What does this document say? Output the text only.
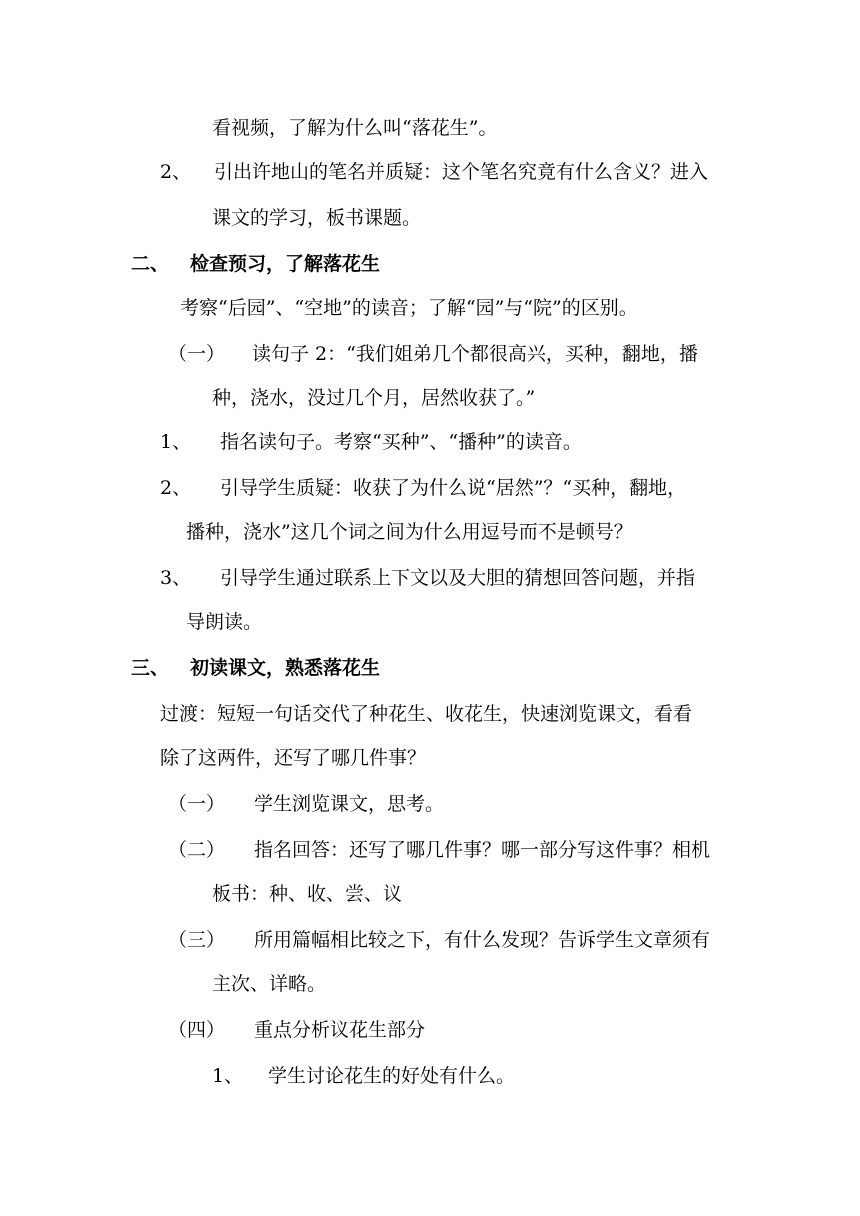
看视频，了解为什么叫“落花生”。
2、 引出许地山的笔名并质疑：这个笔名究竟有什么含义？进入
课文的学习，板书课题。
二、 检查预习，了解落花生
考察“后园”、“空地”的读音；了解“园”与“院”的区别。
（一） 读句子 2：“我们姐弟几个都很高兴，买种，翻地，播
种，浇水，没过几个月，居然收获了。”
1、 指名读句子。考察“买种”、“播种”的读音。
2、 引导学生质疑：收获了为什么说“居然”？“买种，翻地，
播种，浇水”这几个词之间为什么用逗号而不是顿号？
3、 引导学生通过联系上下文以及大胆的猜想回答问题，并指
导朗读。
三、 初读课文，熟悉落花生
过渡：短短一句话交代了种花生、收花生，快速浏览课文，看看
除了这两件，还写了哪几件事？
（一） 学生浏览课文，思考。
（二） 指名回答：还写了哪几件事？哪一部分写这件事？相机
板书：种、收、尝、议
（三） 所用篇幅相比较之下，有什么发现？告诉学生文章须有
主次、详略。
（四） 重点分析议花生部分
1、 学生讨论花生的好处有什么。
